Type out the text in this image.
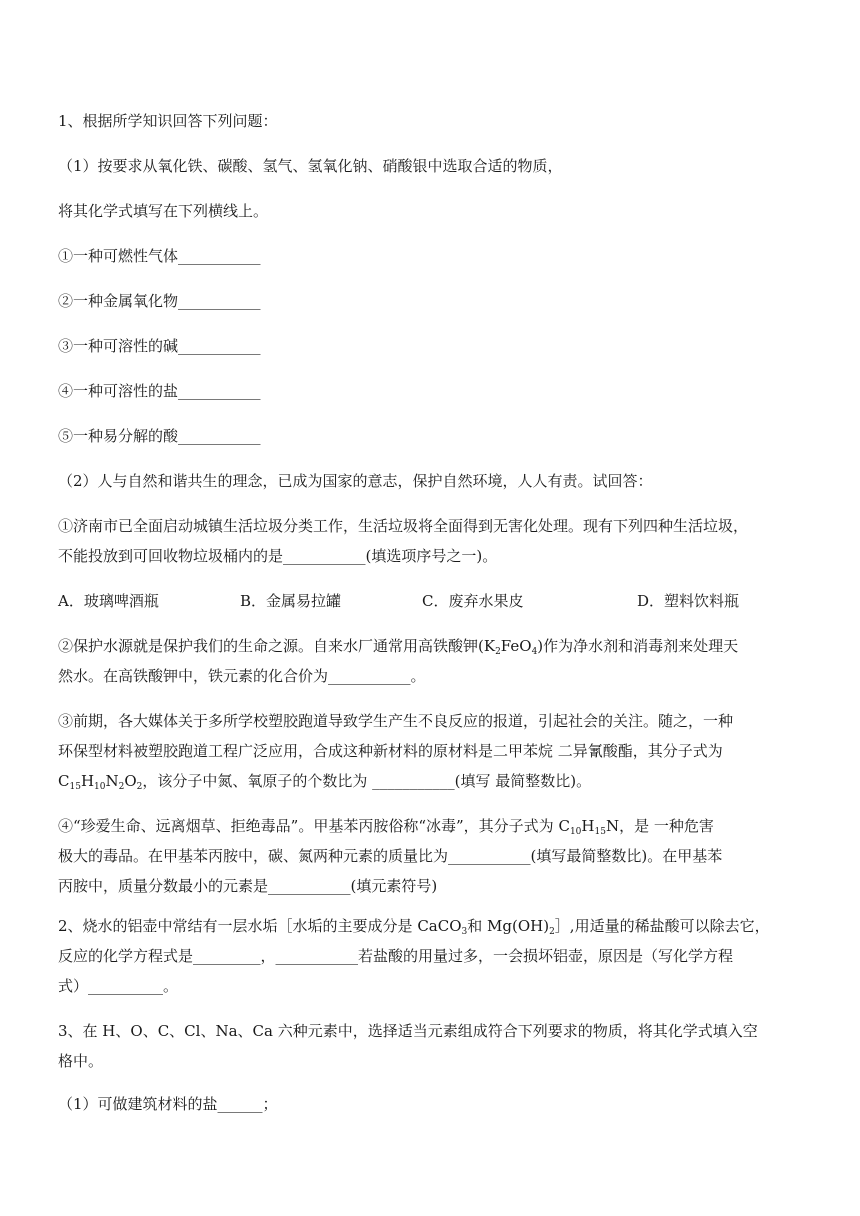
1、根据所学知识回答下列问题：
（1）按要求从氧化铁、碳酸、氢气、氢氧化钠、硝酸银中选取合适的物质，
将其化学式填写在下列横线上。
①一种可燃性气体___________
②一种金属氧化物___________
③一种可溶性的碱___________
④一种可溶性的盐___________
⑤一种易分解的酸___________
（2）人与自然和谐共生的理念，已成为国家的意志，保护自然环境，人人有责。试回答：
①济南市已全面启动城镇生活垃圾分类工作，生活垃圾将全面得到无害化处理。现有下列四种生活垃圾，
不能投放到可回收物垃圾桶内的是___________(填选项序号之一)。
A．玻璃啤酒瓶	B．金属易拉罐	C．废弃水果皮	D．塑料饮料瓶
②保护水源就是保护我们的生命之源。自来水厂通常用高铁酸钾$(K_2FeO_4)$作为净水剂和消毒剂来处理天
然水。在高铁酸钾中，铁元素的化合价为___________。
③前期，各大媒体关于多所学校塑胶跑道导致学生产生不良反应的报道，引起社会的关注。随之，一种
环保型材料被塑胶跑道工程广泛应用，合成这种新材料的原材料是二甲苯烷 二异氰酸酯，其分子式为
$C_{15}H_{10}N_2O_2$，该分子中氮、氧原子的个数比为 ___________(填写 最简整数比)。
④“珍爱生命、远离烟草、拒绝毒品”。甲基苯丙胺俗称“冰毒”，其分子式为 $C_{10}H_{15}N$，是 一种危害
极大的毒品。在甲基苯丙胺中，碳、氮两种元素的质量比为___________(填写最简整数比)。在甲基苯
丙胺中，质量分数最小的元素是___________(填元素符号)
2、烧水的铝壶中常结有一层水垢［水垢的主要成分是 CaCO$_3$和 $Mg(OH)_2]$,用适量的稀盐酸可以除去它，
反应的化学方程式是_________，___________若盐酸的用量过多，一会损坏铝壶，原因是（写化学方程
式）__________。
3、在 H、O、C、Cl、Na、Ca 六种元素中，选择适当元素组成符合下列要求的物质，将其化学式填入空
格中。
（1）可做建筑材料的盐______；
